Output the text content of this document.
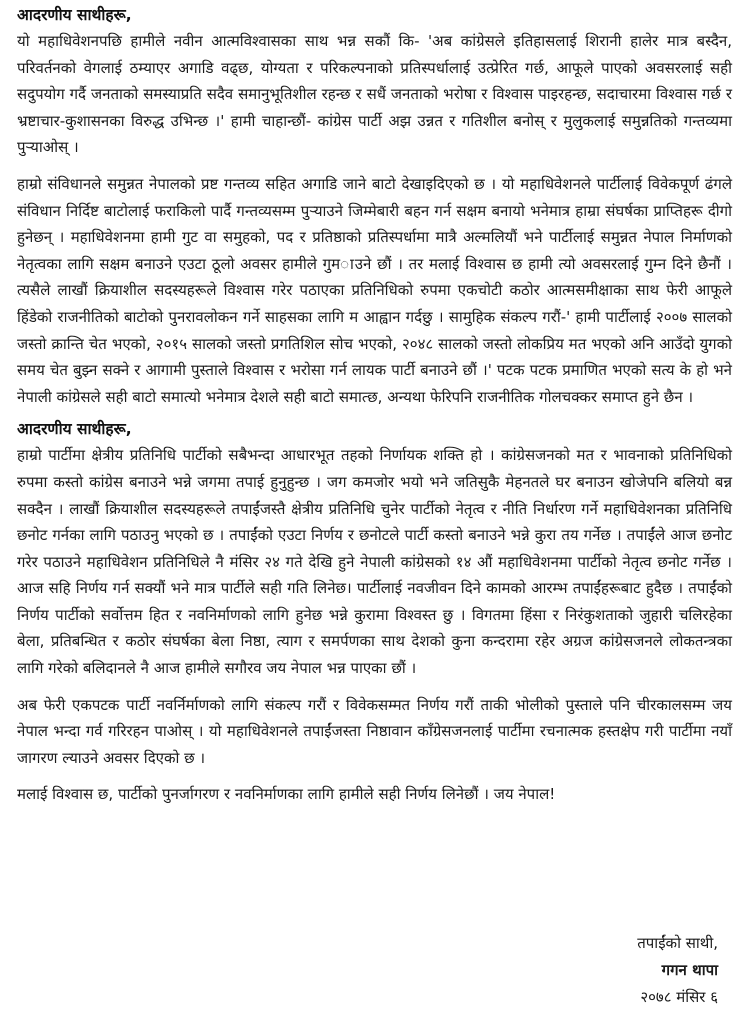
आदरणीय साथीहरू,

यो महाधिवेशनपछि हामीले नवीन आत्मविश्वासका साथ भन्न सकौं कि- 'अब कांग्रेसले इतिहासलाई शिरानी हालेर मात्र बस्दैन, परिवर्तनको वेगलाई ठम्याएर अगाडि वढ्छ, योग्यता र परिकल्पनाको प्रतिस्पर्धालाई उत्प्रेरित गर्छ, आफूले पाएको अवसरलाई सही सदुपयोग गर्दै जनताको समस्याप्रति सदैव समानुभूतिशील रहन्छ र सधैं जनताको भरोषा र विश्वास पाइरहन्छ, सदाचारमा विश्वास गर्छ र भ्रष्टाचार-कुशासनका विरुद्ध उभिन्छ ।' हामी चाहान्छौं- कांग्रेस पार्टी अझ उन्नत र गतिशील बनोस् र मुलुकलाई समुन्नतिको गन्तव्यमा पुर्‍याओस् ।

हाम्रो संविधानले समुन्नत नेपालको प्रष्ट गन्तव्य सहित अगाडि जाने बाटो देखाइदिएको छ । यो महाधिवेशनले पार्टीलाई विवेकपूर्ण ढंगले संविधान निर्दिष्ट बाटोलाई फराकिलो पार्दै गन्तव्यसम्म पुर्‍याउने जिम्मेबारी बहन गर्न सक्षम बनायो भनेमात्र हाम्रा संघर्षका प्राप्तिहरू दीगो हुनेछन् । महाधिवेशनमा हामी गुट वा समुहको, पद र प्रतिष्ठाको प्रतिस्पर्धामा मात्रै अल्मलियौं भने पार्टीलाई समुन्नत नेपाल निर्माणको नेतृत्वका लागि सक्षम बनाउने एउटा ठूलो अवसर हामीले गुम◌ाउने छौं । तर मलाई विश्वास छ हामी त्यो अवसरलाई गुम्न दिने छैनौं । त्यसैले लाखौं क्रियाशील सदस्यहरूले विश्वास गरेर पठाएका प्रतिनिधिको रुपमा एकचोटी कठोर आत्मसमीक्षाका साथ फेरी आफूले हिंडेको राजनीतिको बाटोको पुनरावलोकन गर्ने साहसका लागि म आह्वान गर्दछु । सामुहिक संकल्प गरौं-' हामी पार्टीलाई २००७ सालको जस्तो क्रान्ति चेत भएको, २०१५ सालको जस्तो प्रगतिशिल सोच भएको, २०४८ सालको जस्तो लोकप्रिय मत भएको अनि आउँदो युगको समय चेत बुझ्न सक्ने र आगामी पुस्ताले विश्वास र भरोसा गर्न लायक पार्टी बनाउने छौं ।' पटक पटक प्रमाणित भएको सत्य के हो भने नेपाली कांग्रेसले सही बाटो समात्यो भनेमात्र देशले सही बाटो समात्छ, अन्यथा फेरिपनि राजनीतिक गोलचक्कर समाप्त हुने छैन ।

आदरणीय साथीहरू,

हाम्रो पार्टीमा क्षेत्रीय प्रतिनिधि पार्टीको सबैभन्दा आधारभूत तहको निर्णायक शक्ति हो । कांग्रेसजनको मत र भावनाको प्रतिनिधिको रुपमा कस्तो कांग्रेस बनाउने भन्ने जगमा तपाई हुनुहुन्छ । जग कमजोर भयो भने जतिसुकै मेहनतले घर बनाउन खोजेपनि बलियो बन्न सक्दैन । लाखौं क्रियाशील सदस्यहरूले तपाईंजस्तै क्षेत्रीय प्रतिनिधि चुनेर पार्टीको नेतृत्व र नीति निर्धारण गर्ने महाधिवेशनका प्रतिनिधि छनोट गर्नका लागि पठाउनु भएको छ । तपाईंको एउटा निर्णय र छनोटले पार्टी कस्तो बनाउने भन्ने कुरा तय गर्नेछ । तपाईंले आज छनोट गरेर पठाउने महाधिवेशन प्रतिनिधिले नै मंसिर २४ गते देखि हुने नेपाली कांग्रेसको १४ औं महाधिवेशनमा पार्टीको नेतृत्व छनोट गर्नेछ । आज सहि निर्णय गर्न सक्यौं भने मात्र पार्टीले सही गति लिनेछ। पार्टीलाई नवजीवन दिने कामको आरम्भ तपाईंहरूबाट हुदैछ । तपाईंको निर्णय पार्टीको सर्वोत्तम हित र नवनिर्माणको लागि हुनेछ भन्ने कुरामा विश्वस्त छु । विगतमा हिंसा र निरंकुशताको जुहारी चलिरहेका बेला, प्रतिबन्धित र कठोर संघर्षका बेला निष्ठा, त्याग र समर्पणका साथ देशको कुना कन्दरामा रहेर अग्रज कांग्रेसजनले लोकतन्त्रका लागि गरेको बलिदानले नै आज हामीले सगौरव जय नेपाल भन्न पाएका छौं ।

अब फेरी एकपटक पार्टी नवर्निर्माणको लागि संकल्प गरौं र विवेकसम्मत निर्णय गरौं ताकी भोलीको पुस्ताले पनि चीरकालसम्म जय नेपाल भन्दा गर्व गरिरहन पाओस् । यो महाधिवेशनले तपाईंजस्ता निष्ठावान काँग्रेसजनलाई पार्टीमा रचनात्मक हस्तक्षेप गरी पार्टीमा नयाँ जागरण ल्याउने अवसर दिएको छ ।

मलाई विश्वास छ, पार्टीको पुनर्जागरण र नवनिर्माणका लागि हामीले सही निर्णय लिनेछौं । जय नेपाल!

तपाईंको साथी,
गगन थापा
२०७८ मंसिर ६
